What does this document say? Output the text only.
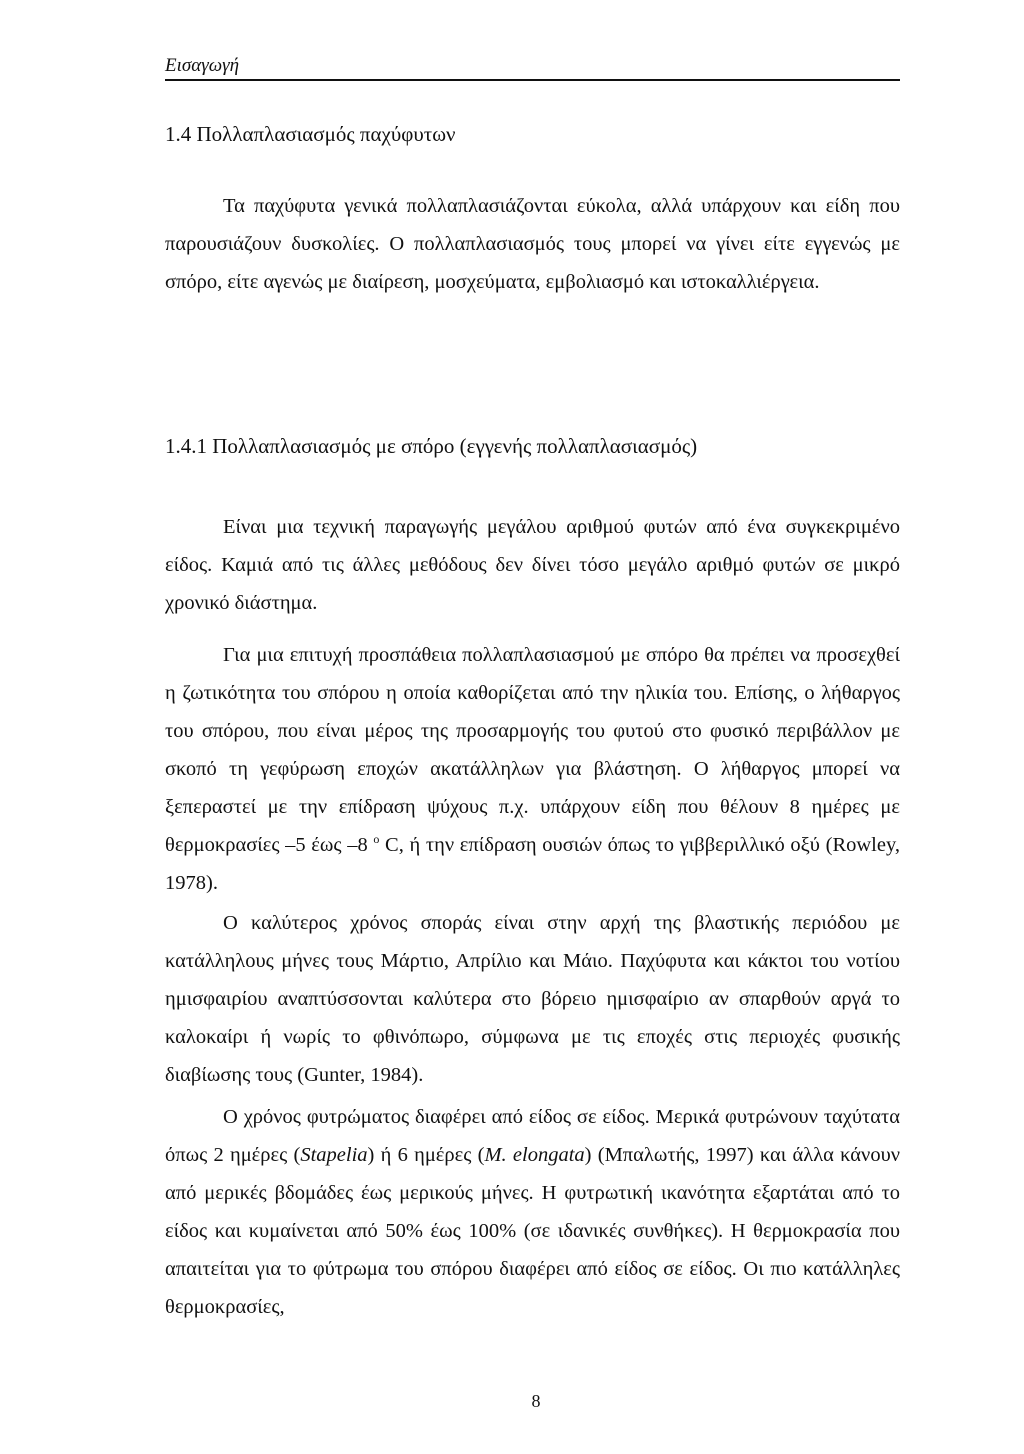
Εισαγωγή
1.4 Πολλαπλασιασμός παχύφυτων

Τα παχύφυτα γενικά πολλαπλασιάζονται εύκολα, αλλά υπάρχουν και είδη που παρουσιάζουν δυσκολίες. Ο πολλαπλασιασμός τους μπορεί να γίνει είτε εγγενώς με σπόρο, είτε αγενώς με διαίρεση, μοσχεύματα, εμβολιασμό και ιστοκαλλιέργεια.

1.4.1 Πολλαπλασιασμός με σπόρο (εγγενής πολλαπλασιασμός)

Είναι μια τεχνική παραγωγής μεγάλου αριθμού φυτών από ένα συγκεκριμένο είδος. Καμιά από τις άλλες μεθόδους δεν δίνει τόσο μεγάλο αριθμό φυτών σε μικρό χρονικό διάστημα.

Για μια επιτυχή προσπάθεια πολλαπλασιασμού με σπόρο θα πρέπει να προσεχθεί η ζωτικότητα του σπόρου η οποία καθορίζεται από την ηλικία του. Επίσης, ο λήθαργος του σπόρου, που είναι μέρος της προσαρμογής του φυτού στο φυσικό περιβάλλον με σκοπό τη γεφύρωση εποχών ακατάλληλων για βλάστηση. Ο λήθαργος μπορεί να ξεπεραστεί με την επίδραση ψύχους π.χ. υπάρχουν είδη που θέλουν 8 ημέρες με θερμοκρασίες –5 έως –8 $^o$ C, ή την επίδραση ουσιών όπως το γιββεριλλικό οξύ (Rowley, 1978).

Ο καλύτερος χρόνος σποράς είναι στην αρχή της βλαστικής περιόδου με κατάλληλους μήνες τους Μάρτιο, Απρίλιο και Μάιο. Παχύφυτα και κάκτοι του νοτίου ημισφαιρίου αναπτύσσονται καλύτερα στο βόρειο ημισφαίριο αν σπαρθούν αργά το καλοκαίρι ή νωρίς το φθινόπωρο, σύμφωνα με τις εποχές στις περιοχές φυσικής διαβίωσης τους (Gunter, 1984).

Ο χρόνος φυτρώματος διαφέρει από είδος σε είδος. Μερικά φυτρώνουν ταχύτατα όπως 2 ημέρες (Stapelia) ή 6 ημέρες (M. elongata) (Μπαλωτής, 1997) και άλλα κάνουν από μερικές βδομάδες έως μερικούς μήνες. Η φυτρωτική ικανότητα εξαρτάται από το είδος και κυμαίνεται από 50% έως 100% (σε ιδανικές συνθήκες). Η θερμοκρασία που απαιτείται για το φύτρωμα του σπόρου διαφέρει από είδος σε είδος. Οι πιο κατάλληλες θερμοκρασίες,

8
